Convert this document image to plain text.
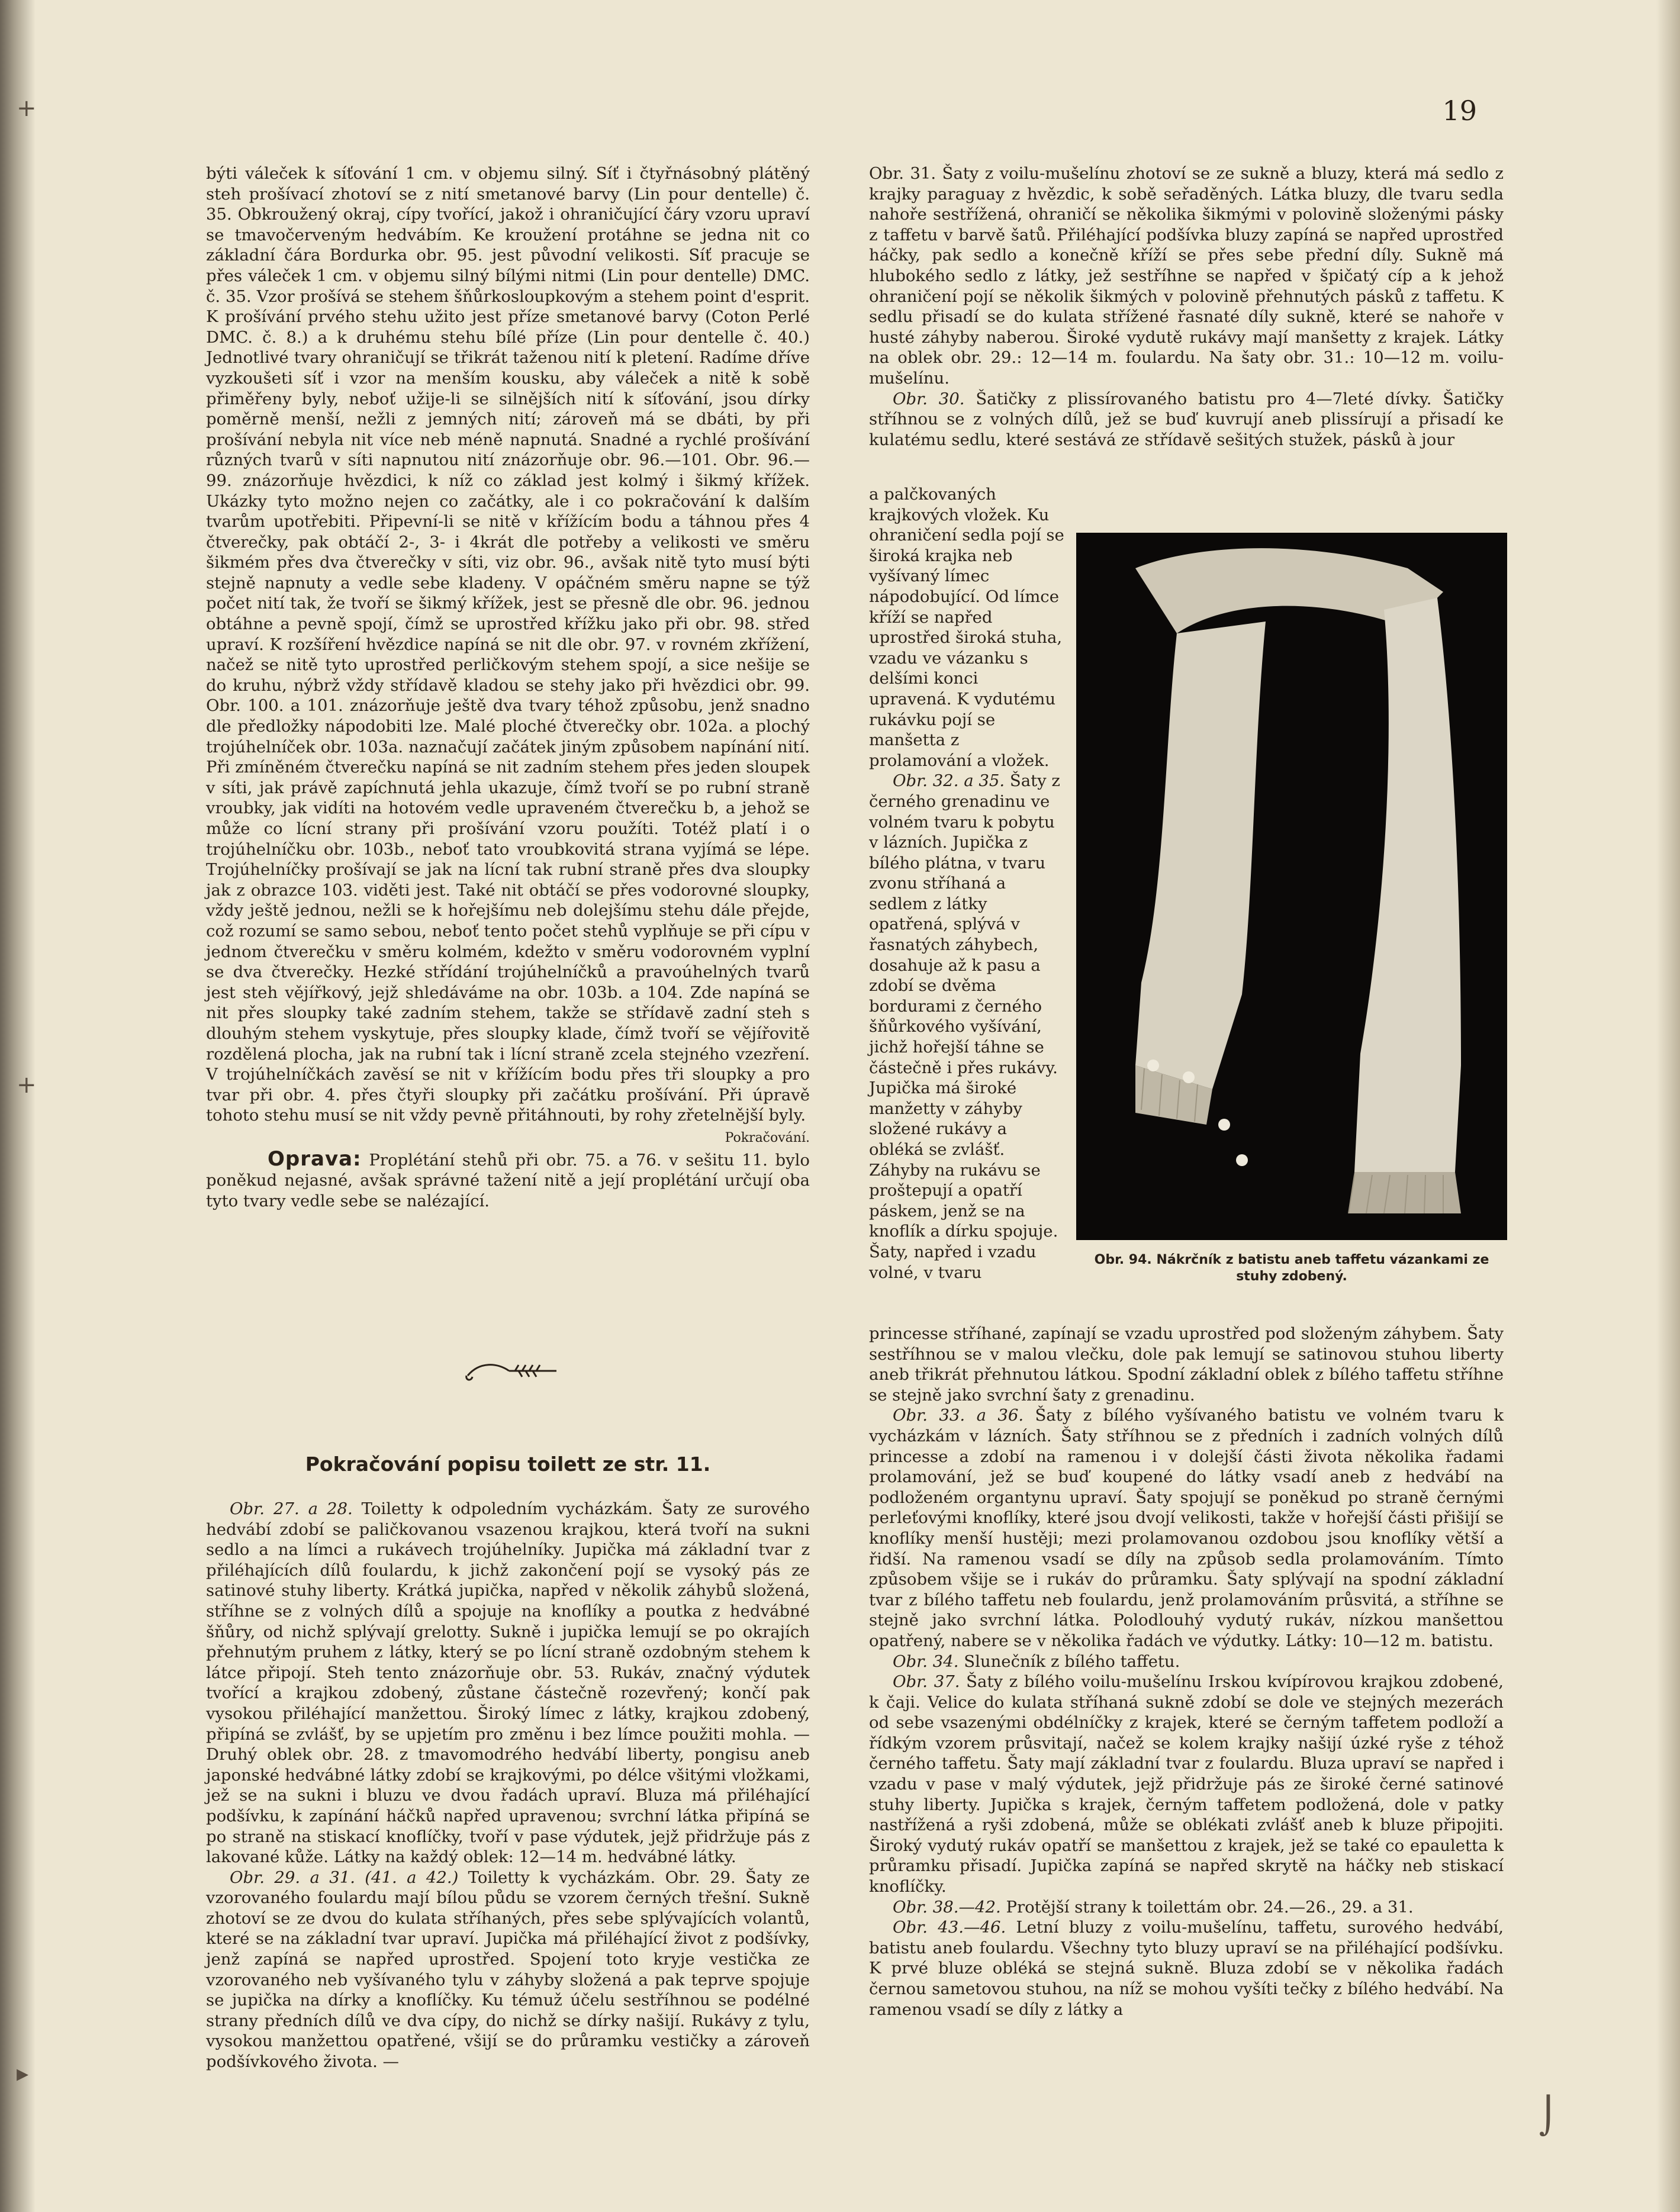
+
+
▸
19

býti váleček k síťování 1 cm. v objemu silný. Síť i čtyřnásobný plátěný steh prošívací zhotoví se z nití smetanové barvy (Lin pour dentelle) č. 35. Obkroužený okraj, cípy tvořící, jakož i ohraničující čáry vzoru upraví se tmavočerveným hedvábím. Ke kroužení protáhne se jedna nit co základní čára Bordurka obr. 95. jest původní velikosti. Síť pracuje se přes váleček 1 cm. v objemu silný bílými nitmi (Lin pour dentelle) DMC. č. 35. Vzor prošívá se stehem šňůrkosloupkovým a stehem point d'esprit. K prošívání prvého stehu užito jest příze smetanové barvy (Coton Perlé DMC. č. 8.) a k druhému stehu bílé příze (Lin pour dentelle č. 40.) Jednotlivé tvary ohraničují se třikrát taženou nití k pletení. Radíme dříve vyzkoušeti síť i vzor na menším kousku, aby váleček a nitě k sobě přiměřeny byly, neboť užije-li se silnějších nití k síťování, jsou dírky poměrně menší, nežli z jemných nití; zároveň má se dbáti, by při prošívání nebyla nit více neb méně napnutá. Snadné a rychlé prošívání různých tvarů v síti napnutou nití znázorňuje obr. 96.—101. Obr. 96.—99. znázorňuje hvězdici, k níž co základ jest kolmý i šikmý křížek. Ukázky tyto možno nejen co začátky, ale i co pokračování k dalším tvarům upotřebiti. Připevní-li se nitě v křížícím bodu a táhnou přes 4 čtverečky, pak obtáčí 2-, 3- i 4krát dle potřeby a velikosti ve směru šikmém přes dva čtverečky v síti, viz obr. 96., avšak nitě tyto musí býti stejně napnuty a vedle sebe kladeny. V opáčném směru napne se týž počet nití tak, že tvoří se šikmý křížek, jest se přesně dle obr. 96. jednou obtáhne a pevně spojí, čímž se uprostřed křížku jako při obr. 98. střed upraví. K rozšíření hvězdice napíná se nit dle obr. 97. v rovném zkřížení, načež se nitě tyto uprostřed perličkovým stehem spojí, a sice nešije se do kruhu, nýbrž vždy střídavě kladou se stehy jako při hvězdici obr. 99. Obr. 100. a 101. znázorňuje ještě dva tvary téhož způsobu, jenž snadno dle předložky nápodobiti lze. Malé ploché čtverečky obr. 102a. a plochý trojúhelníček obr. 103a. naznačují začátek jiným způsobem napínání nití. Při zmíněném čtverečku napíná se nit zadním stehem přes jeden sloupek v síti, jak právě zapíchnutá jehla ukazuje, čímž tvoří se po rubní straně vroubky, jak vidíti na hotovém vedle upraveném čtverečku b, a jehož se může co lícní strany při prošívání vzoru použíti. Totéž platí i o trojúhelníčku obr. 103b., neboť tato vroubkovitá strana vyjímá se lépe. Trojúhelníčky prošívají se jak na lícní tak rubní straně přes dva sloupky jak z obrazce 103. viděti jest. Také nit obtáčí se přes vodorovné sloupky, vždy ještě jednou, nežli se k hořejšímu neb dolejšímu stehu dále přejde, což rozumí se samo sebou, neboť tento počet stehů vyplňuje se při cípu v jednom čtverečku v směru kolmém, kdežto v směru vodorovném vyplní se dva čtverečky. Hezké střídání trojúhelníčků a pravoúhelných tvarů jest steh vějířkový, jejž shledáváme na obr. 103b. a 104. Zde napíná se nit přes sloupky také zadním stehem, takže se střídavě zadní steh s dlouhým stehem vyskytuje, přes sloupky klade, čímž tvoří se vějířovitě rozdělená plocha, jak na rubní tak i lícní straně zcela stejného vzezření. V trojúhelníčkách zavěsí se nit v křížícím bodu přes tři sloupky a pro tvar při obr. 4. přes čtyři sloupky při začátku prošívání. Při úpravě tohoto stehu musí se nit vždy pevně přitáhnouti, by rohy zřetelnější byly.

Pokračování.

Oprava: Proplétání stehů při obr. 75. a 76. v sešitu 11. bylo poněkud nejasné, avšak správné tažení nitě a její proplétání určují oba tyto tvary vedle sebe se nalézající.

Pokračování popisu toilett ze str. 11.

Obr. 27. a 28. Toiletty k odpoledním vycházkám. Šaty ze surového hedvábí zdobí se paličkovanou vsazenou krajkou, která tvoří na sukni sedlo a na límci a rukávech trojúhelníky. Jupička má základní tvar z přiléhajících dílů foulardu, k jichž zakončení pojí se vysoký pás ze satinové stuhy liberty. Krátká jupička, napřed v několik záhybů složená, stříhne se z volných dílů a spojuje na knoflíky a poutka z hedvábné šňůry, od nichž splývají grelotty. Sukně i jupička lemují se po okrajích přehnutým pruhem z látky, který se po lícní straně ozdobným stehem k látce připojí. Steh tento znázorňuje obr. 53. Rukáv, značný výdutek tvořící a krajkou zdobený, zůstane částečně rozevřený; končí pak vysokou přiléhající manžettou. Široký límec z látky, krajkou zdobený, připíná se zvlášť, by se upjetím pro změnu i bez límce použiti mohla. — Druhý oblek obr. 28. z tmavomodrého hedvábí liberty, pongisu aneb japonské hedvábné látky zdobí se krajkovými, po délce všitými vložkami, jež se na sukni i bluzu ve dvou řadách upraví. Bluza má přiléhající podšívku, k zapínání háčků napřed upravenou; svrchní látka připíná se po straně na stiskací knoflíčky, tvoří v pase výdutek, jejž přidržuje pás z lakované kůže. Látky na každý oblek: 12—14 m. hedvábné látky.

Obr. 29. a 31. (41. a 42.) Toiletty k vycházkám. Obr. 29. Šaty ze vzorovaného foulardu mají bílou půdu se vzorem černých třešní. Sukně zhotoví se ze dvou do kulata stříhaných, přes sebe splývajících volantů, které se na základní tvar upraví. Jupička má přiléhající život z podšívky, jenž zapíná se napřed uprostřed. Spojení toto kryje vestička ze vzorovaného neb vyšívaného tylu v záhyby složená a pak teprve spojuje se jupička na dírky a knoflíčky. Ku témuž účelu sestříhnou se podélné strany předních dílů ve dva cípy, do nichž se dírky našijí. Rukávy z tylu, vysokou manžettou opatřené, všijí se do průramku vestičky a zároveň podšívkového života. —

Obr. 31. Šaty z voilu-mušelínu zhotoví se ze sukně a bluzy, která má sedlo z krajky paraguay z hvězdic, k sobě seřaděných. Látka bluzy, dle tvaru sedla nahoře sestřížená, ohraničí se několika šikmými v polovině složenými pásky z taffetu v barvě šatů. Přiléhající podšívka bluzy zapíná se napřed uprostřed háčky, pak sedlo a konečně kříží se přes sebe přední díly. Sukně má hlubokého sedlo z látky, jež sestříhne se napřed v špičatý cíp a k jehož ohraničení pojí se několik šikmých v polovině přehnutých pásků z taffetu. K sedlu přisadí se do kulata střížené řasnaté díly sukně, které se nahoře v husté záhyby naberou. Široké vydutě rukávy mají manšetty z krajek. Látky na oblek obr. 29.: 12—14 m. foulardu. Na šaty obr. 31.: 10—12 m. voilu-mušelínu.

Obr. 30. Šatičky z plissírovaného batistu pro 4—7leté dívky. Šatičky stříhnou se z volných dílů, jež se buď kuvrují aneb plissírují a přisadí ke kulatému sedlu, které sestává ze střídavě sešitých stužek, pásků à jour

a palčkovaných krajkových vložek. Ku ohraničení sedla pojí se široká krajka neb vyšívaný límec nápodobující. Od límce kříží se napřed uprostřed široká stuha, vzadu ve vázanku s delšími konci upravená. K vydutému rukávku pojí se manšetta z prolamování a vložek.

Obr. 32. a 35. Šaty z černého grenadinu ve volném tvaru k pobytu v lázních. Jupička z bílého plátna, v tvaru zvonu stříhaná a sedlem z látky opatřená, splývá v řasnatých záhybech, dosahuje až k pasu a zdobí se dvěma bordurami z černého šňůrkového vyšívání, jichž hořejší táhne se částečně i přes rukávy. Jupička má široké manžetty v záhyby složené rukávy a obléká se zvlášť. Záhyby na rukávu se proštepují a opatří páskem, jenž se na knoflík a dírku spojuje. Šaty, napřed i vzadu volné, v tvaru

Obr. 94. Nákrčník z batistu aneb taffetu vázankami ze stuhy zdobený.

princesse stříhané, zapínají se vzadu uprostřed pod složeným záhybem. Šaty sestříhnou se v malou vlečku, dole pak lemují se satinovou stuhou liberty aneb třikrát přehnutou látkou. Spodní základní oblek z bílého taffetu stříhne se stejně jako svrchní šaty z grenadinu.

Obr. 33. a 36. Šaty z bílého vyšívaného batistu ve volném tvaru k vycházkám v lázních. Šaty stříhnou se z předních i zadních volných dílů princesse a zdobí na ramenou i v dolejší části života několika řadami prolamování, jež se buď koupené do látky vsadí aneb z hedvábí na podloženém organtynu upraví. Šaty spojují se poněkud po straně černými perleťovými knoflíky, které jsou dvojí velikosti, takže v hořejší části přišijí se knoflíky menší hustěji; mezi prolamovanou ozdobou jsou knoflíky větší a řidší. Na ramenou vsadí se díly na způsob sedla prolamováním. Tímto způsobem všije se i rukáv do průramku. Šaty splývají na spodní základní tvar z bílého taffetu neb foulardu, jenž prolamováním průsvitá, a stříhne se stejně jako svrchní látka. Polodlouhý vydutý rukáv, nízkou manšettou opatřený, nabere se v několika řadách ve výdutky. Látky: 10—12 m. batistu.

Obr. 34. Slunečník z bílého taffetu.

Obr. 37. Šaty z bílého voilu-mušelínu Irskou kvípírovou krajkou zdobené, k čaji. Velice do kulata stříhaná sukně zdobí se dole ve stejných mezerách od sebe vsazenými obdélníčky z krajek, které se černým taffetem podloží a řídkým vzorem průsvitají, načež se kolem krajky našijí úzké ryše z téhož černého taffetu. Šaty mají základní tvar z foulardu. Bluza upraví se napřed i vzadu v pase v malý výdutek, jejž přidržuje pás ze široké černé satinové stuhy liberty. Jupička s krajek, černým taffetem podložená, dole v patky nastřížená a ryši zdobená, může se oblékati zvlášť aneb k bluze připojiti. Široký vydutý rukáv opatří se manšettou z krajek, jež se také co epauletta k průramku přisadí. Jupička zapíná se napřed skrytě na háčky neb stiskací knoflíčky.

Obr. 38.—42. Protější strany k toilettám obr. 24.—26., 29. a 31.

Obr. 43.—46. Letní bluzy z voilu-mušelínu, taffetu, surového hedvábí, batistu aneb foulardu. Všechny tyto bluzy upraví se na přiléhající podšívku. K prvé bluze obléká se stejná sukně. Bluza zdobí se v několika řadách černou sametovou stuhou, na níž se mohou vyšíti tečky z bílého hedvábí. Na ramenou vsadí se díly z látky a

⌡
